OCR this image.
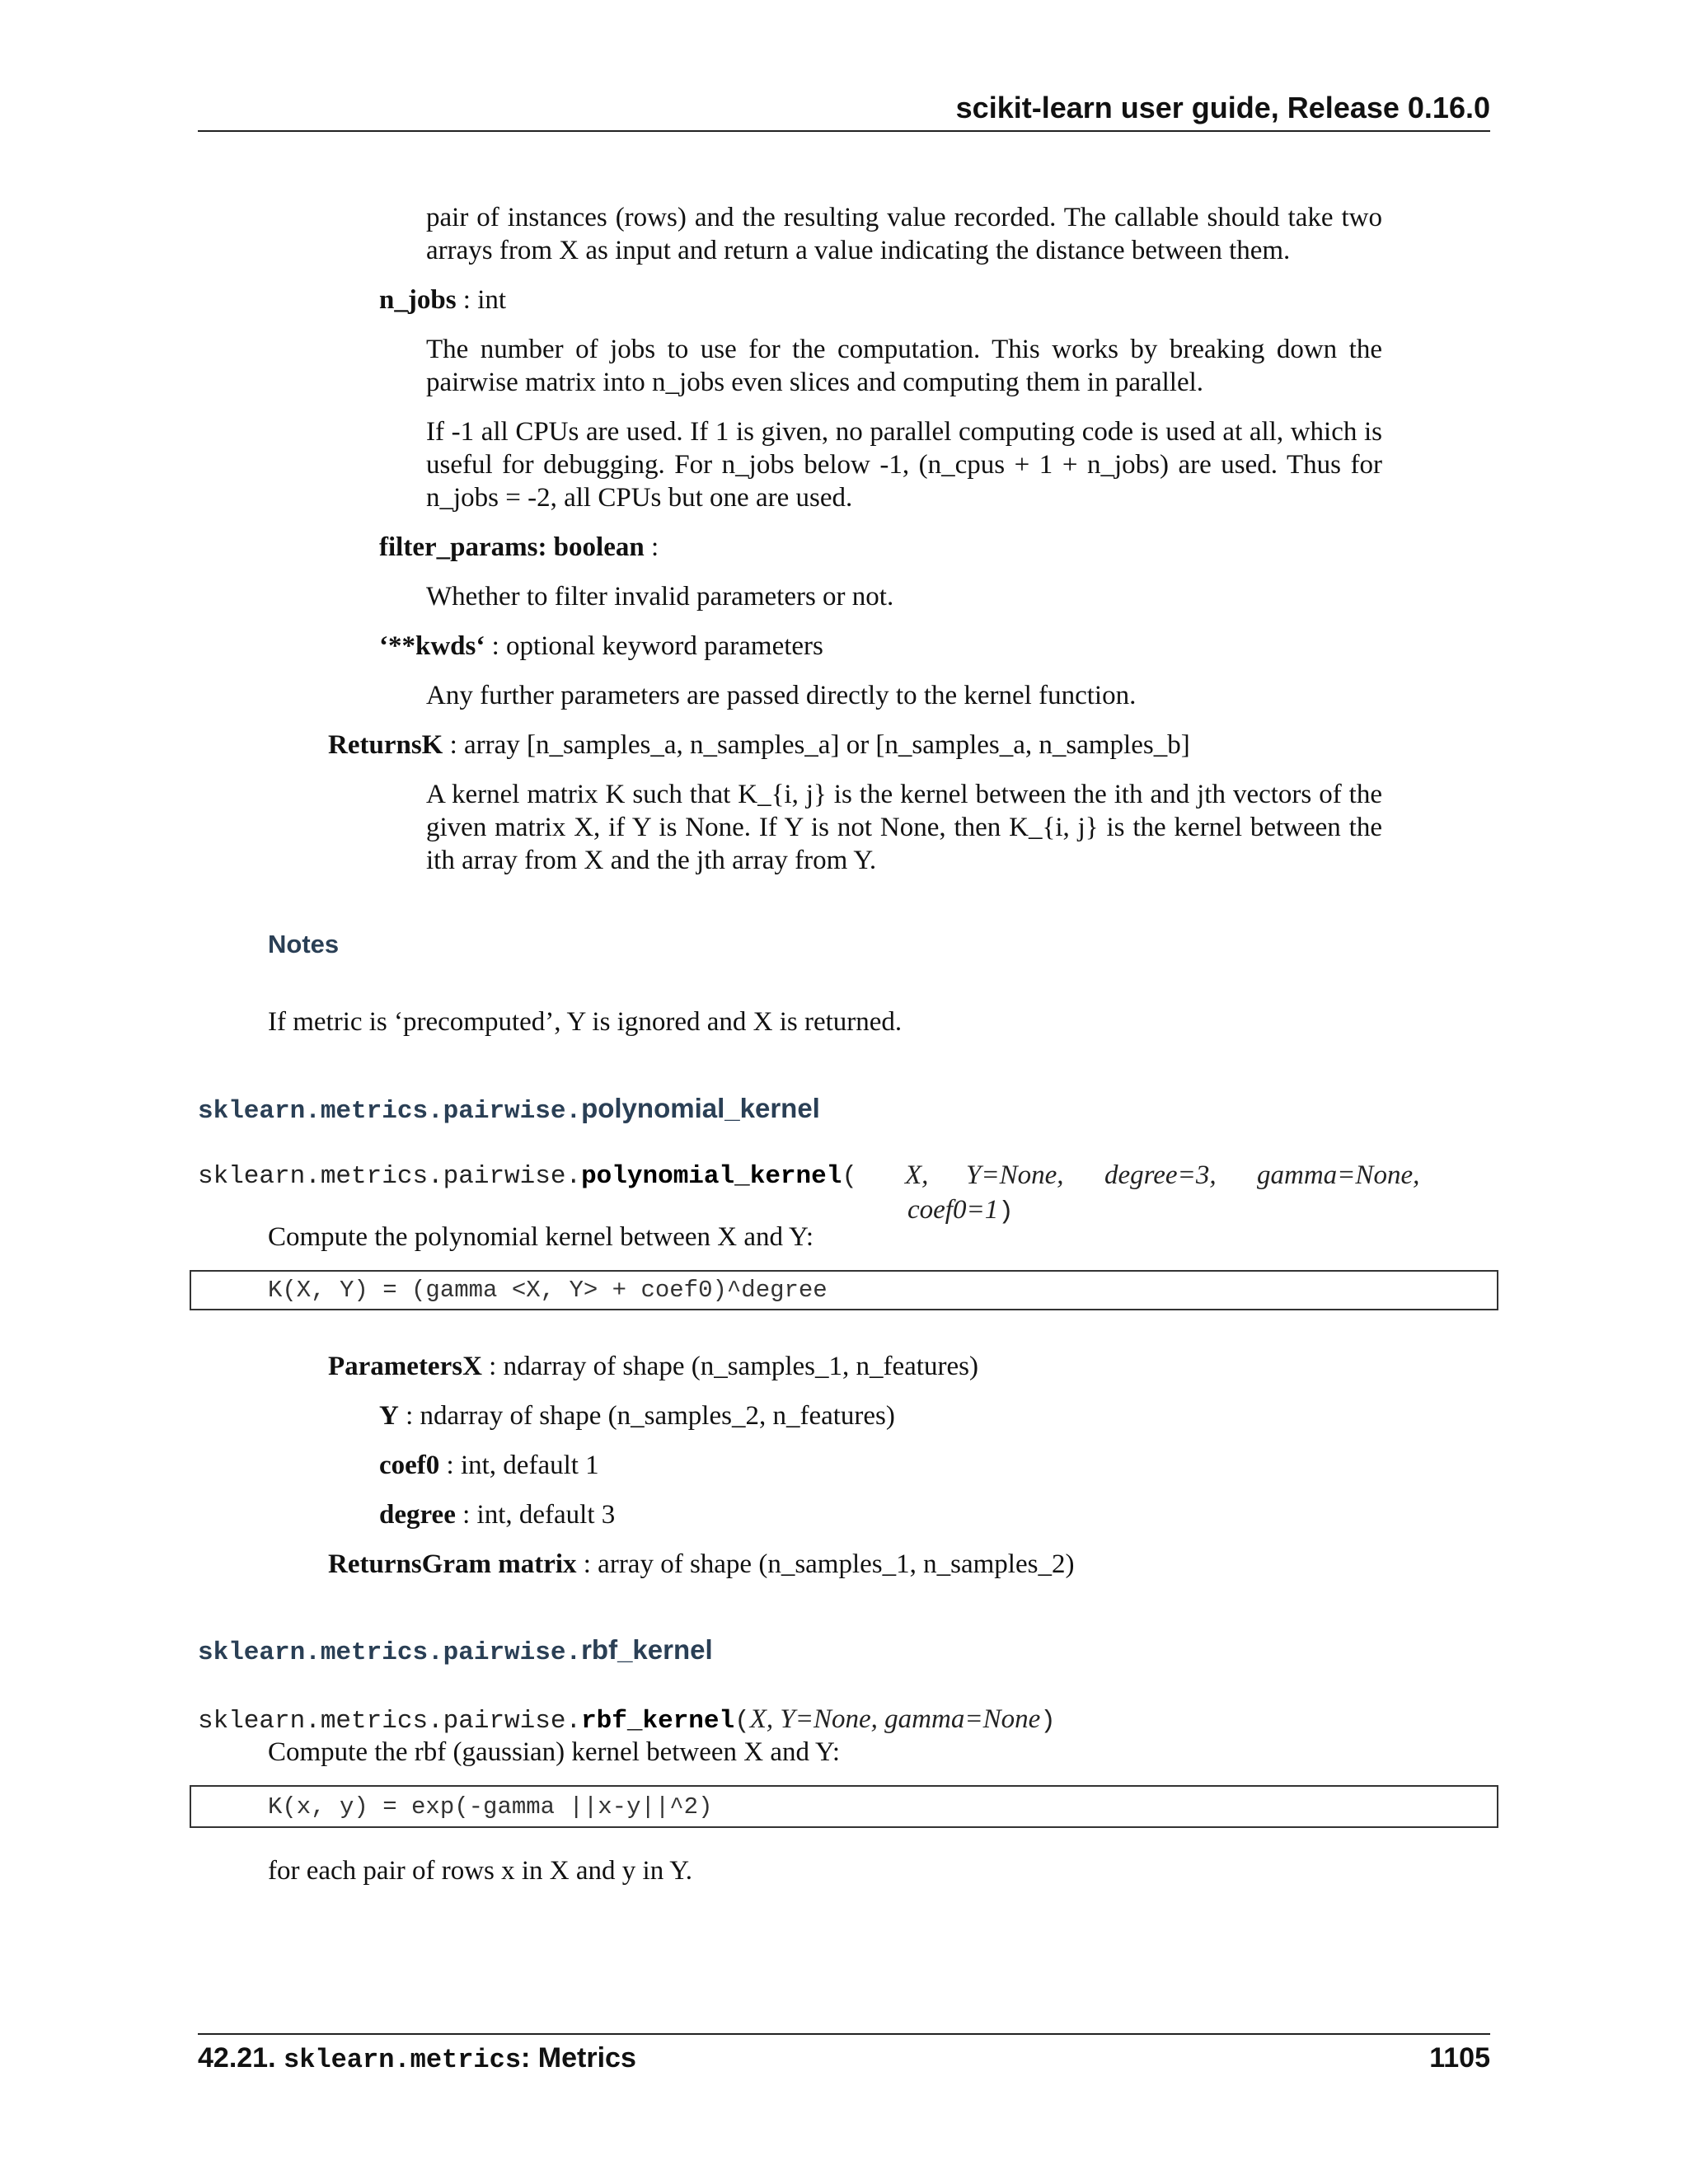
scikit-learn user guide, Release 0.16.0
pair of instances (rows) and the resulting value recorded. The callable should take two arrays from X as input and return a value indicating the distance between them.
n_jobs : int
The number of jobs to use for the computation. This works by breaking down the pairwise matrix into n_jobs even slices and computing them in parallel.
If -1 all CPUs are used. If 1 is given, no parallel computing code is used at all, which is useful for debugging. For n_jobs below -1, (n_cpus + 1 + n_jobs) are used. Thus for n_jobs = -2, all CPUs but one are used.
filter_params: boolean :
Whether to filter invalid parameters or not.
‘**kwds‘ : optional keyword parameters
Any further parameters are passed directly to the kernel function.
ReturnsK : array [n_samples_a, n_samples_a] or [n_samples_a, n_samples_b]
A kernel matrix K such that K_{i, j} is the kernel between the ith and jth vectors of the given matrix X, if Y is None. If Y is not None, then K_{i, j} is the kernel between the ith array from X and the jth array from Y.
Notes
If metric is ‘precomputed’, Y is ignored and X is returned.
sklearn.metrics.pairwise.polynomial_kernel
sklearn.metrics.pairwise.polynomial_kernel( X, Y=None, degree=3, gamma=None,
coef0=1)
Compute the polynomial kernel between X and Y:
K(X, Y) = (gamma <X, Y> + coef0)^degree
ParametersX : ndarray of shape (n_samples_1, n_features)
Y : ndarray of shape (n_samples_2, n_features)
coef0 : int, default 1
degree : int, default 3
ReturnsGram matrix : array of shape (n_samples_1, n_samples_2)
sklearn.metrics.pairwise.rbf_kernel
sklearn.metrics.pairwise.rbf_kernel(X, Y=None, gamma=None)
Compute the rbf (gaussian) kernel between X and Y:
K(x, y) = exp(-gamma ||x-y||^2)
for each pair of rows x in X and y in Y.
42.21. sklearn.metrics: Metrics	1105
